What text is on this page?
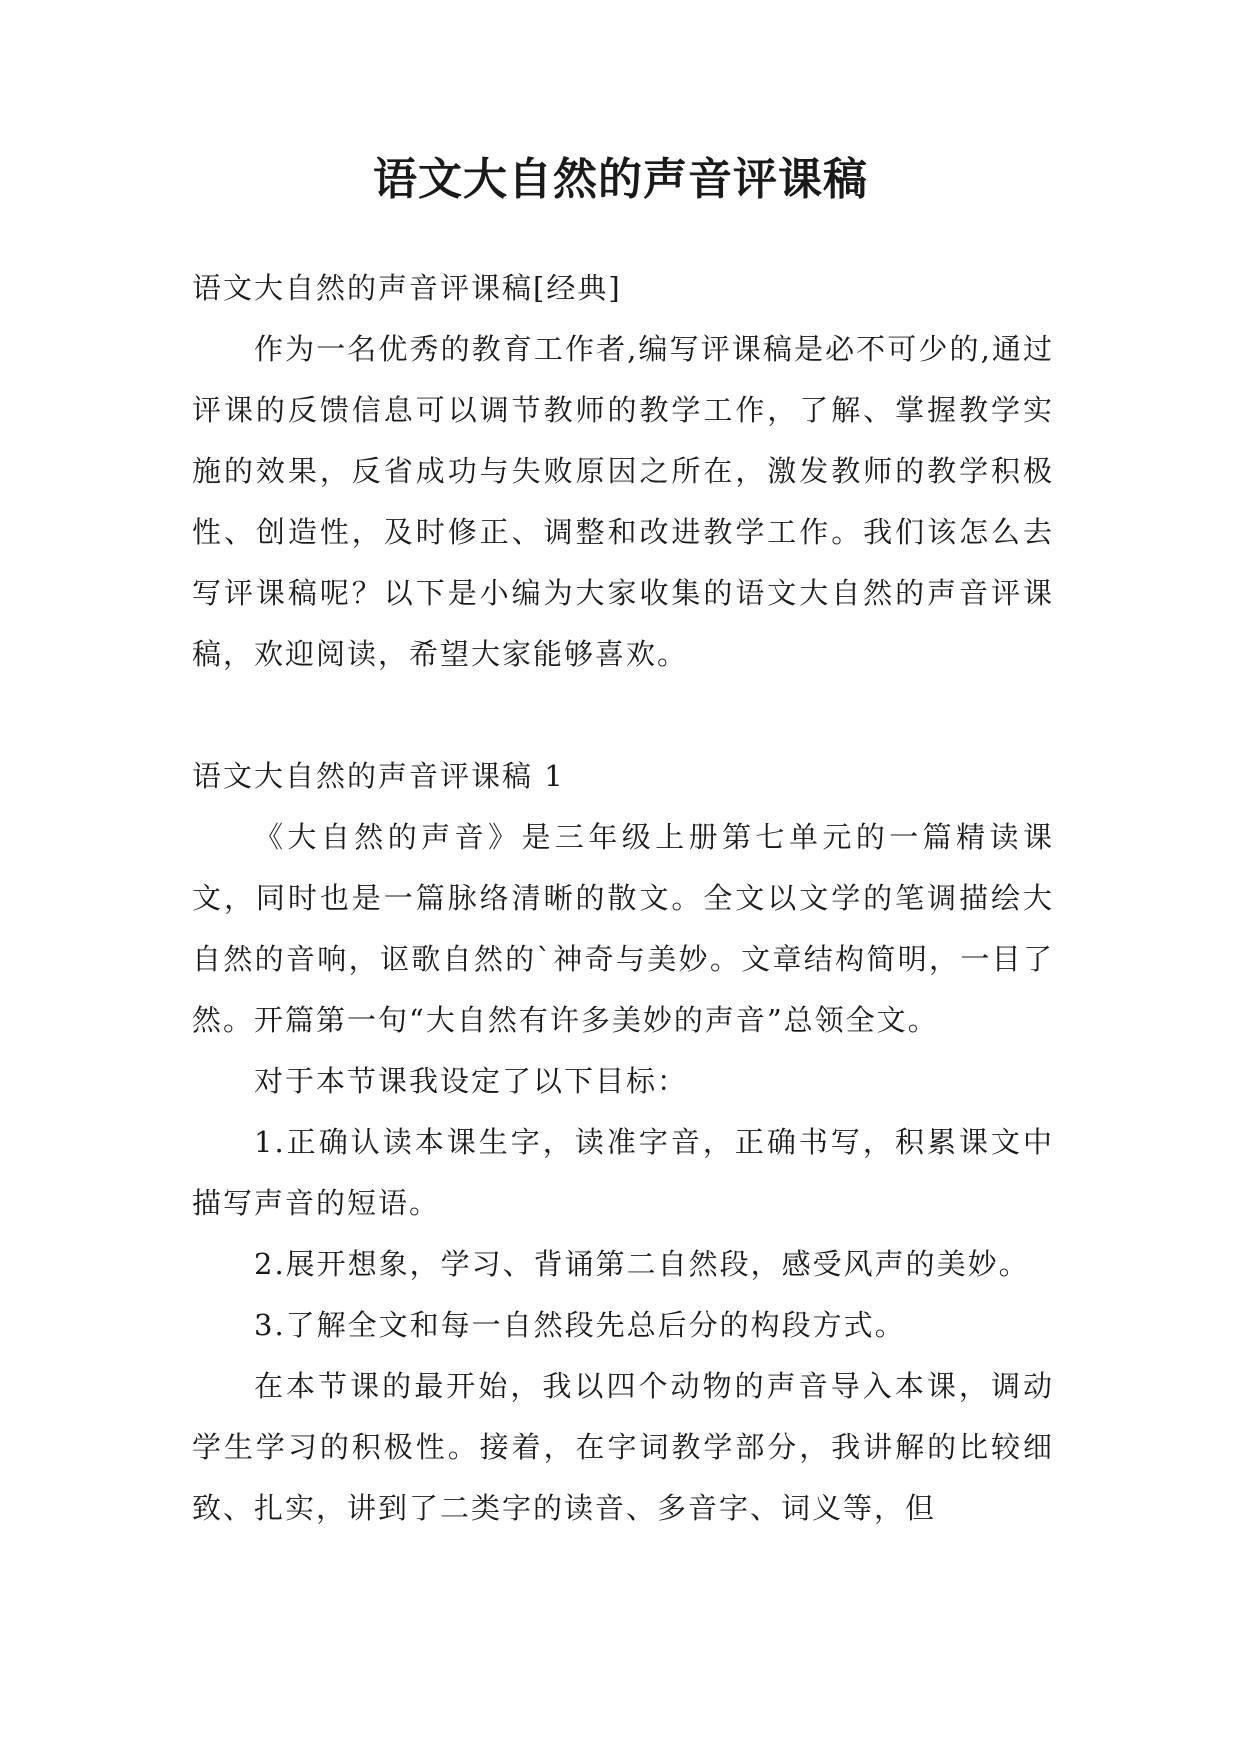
语文大自然的声音评课稿

语文大自然的声音评课稿[经典]

作为一名优秀的教育工作者,编写评课稿是必不可少的,通过评课的反馈信息可以调节教师的教学工作，了解、掌握教学实施的效果，反省成功与失败原因之所在，激发教师的教学积极性、创造性，及时修正、调整和改进教学工作。我们该怎么去写评课稿呢？以下是小编为大家收集的语文大自然的声音评课稿，欢迎阅读，希望大家能够喜欢。

语文大自然的声音评课稿 1

《大自然的声音》是三年级上册第七单元的一篇精读课文，同时也是一篇脉络清晰的散文。全文以文学的笔调描绘大自然的音响，讴歌自然的`神奇与美妙。文章结构简明，一目了然。开篇第一句“大自然有许多美妙的声音”总领全文。

对于本节课我设定了以下目标：

1.正确认读本课生字，读准字音，正确书写，积累课文中描写声音的短语。

2.展开想象，学习、背诵第二自然段，感受风声的美妙。

3.了解全文和每一自然段先总后分的构段方式。

在本节课的最开始，我以四个动物的声音导入本课，调动学生学习的积极性。接着，在字词教学部分，我讲解的比较细致、扎实，讲到了二类字的读音、多音字、词义等，但
